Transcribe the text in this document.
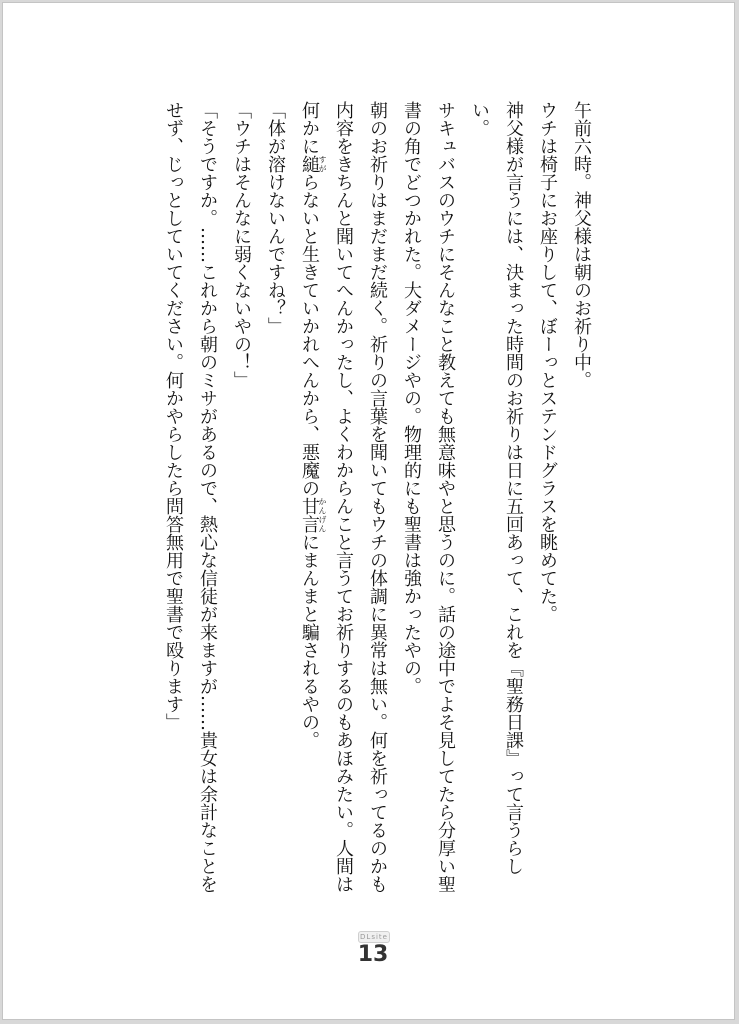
午前六時。神父様は朝のお祈り中。

ウチは椅子にお座りして、ぼーっとステンドグラスを眺めてた。

神父様が言うには、決まった時間のお祈りは日に五回あって、これを『聖務日課』って言うらしい。

サキュバスのウチにそんなこと教えても無意味やと思うのに。話の途中でよそ見してたら分厚い聖書の角でどつかれた。大ダメージやの。物理的にも聖書は強かったやの。

朝のお祈りはまだまだ続く。祈りの言葉を聞いてもウチの体調に異常は無い。何を祈ってるのかも内容をきちんと聞いてへんかったし、よくわからんこと言うてお祈りするのもあほみたい。人間は何かに縋すがらないと生きていかれへんから、悪魔の甘言かんげんにまんまと騙されるやの。

「体が溶けないんですね？」

「ウチはそんなに弱くないやの！」

「そうですか。……これから朝のミサがあるので、熱心な信徒が来ますが……貴女は余計なことをせず、じっとしていてください。何かやらしたら問答無用で聖書で殴ります」

DLsite
13
